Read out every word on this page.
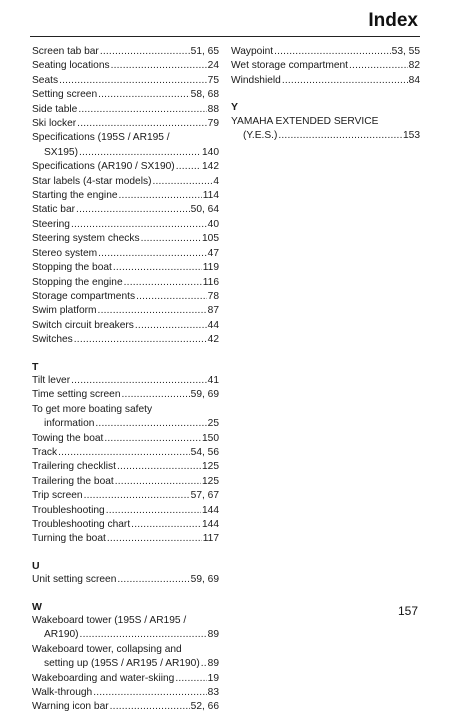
Index
Screen tab bar .....	51, 65
Seating locations .....	24
Seats .....	75
Setting screen .....	58, 68
Side table .....	88
Ski locker .....	79
Specifications (195S / AR195 /
SX195) .....	140
Specifications (AR190 / SX190) .....	142
Star labels (4-star models) .....	4
Starting the engine .....	114
Static bar .....	50, 64
Steering .....	40
Steering system checks .....	105
Stereo system .....	47
Stopping the boat .....	119
Stopping the engine .....	116
Storage compartments .....	78
Swim platform .....	87
Switch circuit breakers .....	44
Switches .....	42
T
Tilt lever .....	41
Time setting screen .....	59, 69
To get more boating safety
information .....	25
Towing the boat .....	150
Track .....	54, 56
Trailering checklist .....	125
Trailering the boat .....	125
Trip screen .....	57, 67
Troubleshooting .....	144
Troubleshooting chart .....	144
Turning the boat .....	117
U
Unit setting screen .....	59, 69
W
Wakeboard tower (195S / AR195 /
AR190) .....	89
Wakeboard tower, collapsing and
setting up (195S / AR195 / AR190) ..... 89
Wakeboarding and water-skiing .....	19
Walk-through .....	83
Warning icon bar .....	52, 66
Waypoint .....	53, 55
Wet storage compartment .....	82
Windshield .....	84
Y
YAMAHA EXTENDED SERVICE
(Y.E.S.) .....	153
157
